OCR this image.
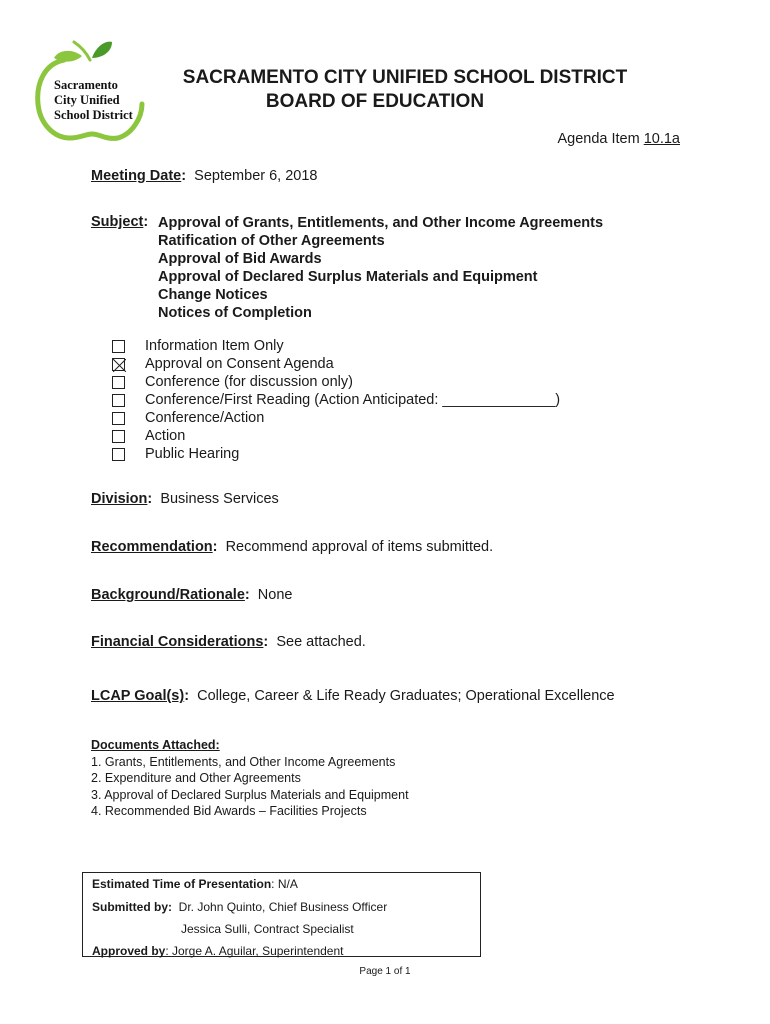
Sacramento
City Unified
School District
SACRAMENTO CITY UNIFIED SCHOOL DISTRICT
BOARD OF EDUCATION
Agenda Item 10.1a
Meeting Date: September 6, 2018
Subject: Approval of Grants, Entitlements, and Other Income Agreements
Ratification of Other Agreements
Approval of Bid Awards
Approval of Declared Surplus Materials and Equipment
Change Notices
Notices of Completion
Information Item Only
Approval on Consent Agenda
Conference (for discussion only)
Conference/First Reading (Action Anticipated: ______________)
Conference/Action
Action
Public Hearing
Division: Business Services
Recommendation: Recommend approval of items submitted.
Background/Rationale: None
Financial Considerations: See attached.
LCAP Goal(s): College, Career & Life Ready Graduates; Operational Excellence
Documents Attached:
1. Grants, Entitlements, and Other Income Agreements
2. Expenditure and Other Agreements
3. Approval of Declared Surplus Materials and Equipment
4. Recommended Bid Awards – Facilities Projects
Estimated Time of Presentation: N/A
Submitted by: Dr. John Quinto, Chief Business Officer
Jessica Sulli, Contract Specialist
Approved by: Jorge A. Aguilar, Superintendent
Page 1 of 1
